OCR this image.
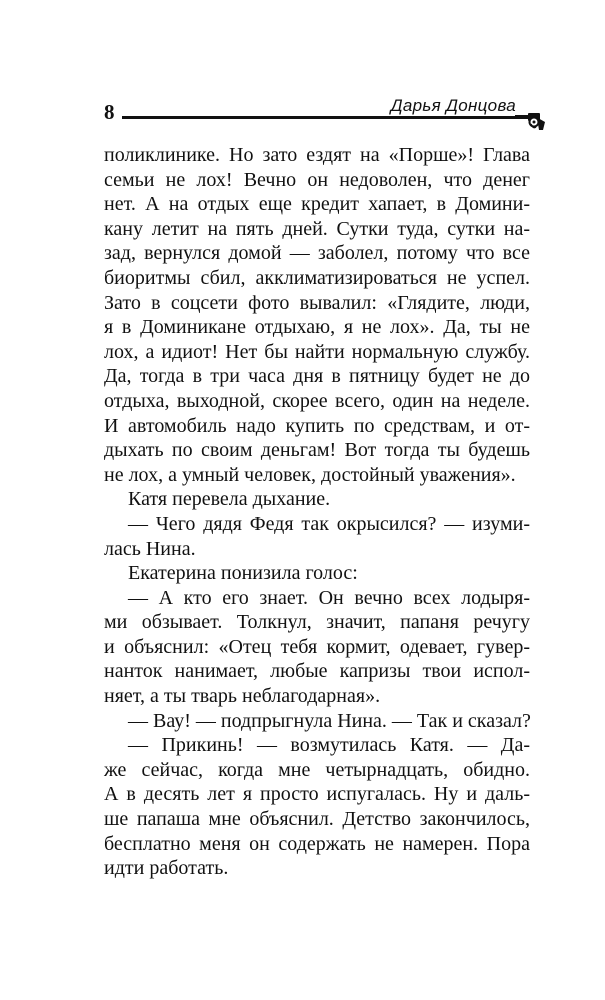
8	Дарья Донцова
поликлинике. Но зато ездят на «Порше»! Глава
семьи не лох! Вечно он недоволен, что денег
нет. А на отдых еще кредит хапает, в Домини-
кану летит на пять дней. Сутки туда, сутки на-
зад, вернулся домой — заболел, потому что все
биоритмы сбил, акклиматизироваться не успел.
Зато в соцсети фото вывалил: «Глядите, люди,
я в Доминикане отдыхаю, я не лох». Да, ты не
лох, а идиот! Нет бы найти нормальную службу.
Да, тогда в три часа дня в пятницу будет не до
отдыха, выходной, скорее всего, один на неделе.
И автомобиль надо купить по средствам, и от-
дыхать по своим деньгам! Вот тогда ты будешь
не лох, а умный человек, достойный уважения».
Катя перевела дыхание.
— Чего дядя Федя так окрысился? — изуми-
лась Нина.
Екатерина понизила голос:
— А кто его знает. Он вечно всех лодыря-
ми обзывает. Толкнул, значит, папаня речугу
и объяснил: «Отец тебя кормит, одевает, гувер-
нанток нанимает, любые капризы твои испол-
няет, а ты тварь неблагодарная».
— Вау! — подпрыгнула Нина. — Так и сказал?
— Прикинь! — возмутилась Катя. — Да-
же сейчас, когда мне четырнадцать, обидно.
А в десять лет я просто испугалась. Ну и даль-
ше папаша мне объяснил. Детство закончилось,
бесплатно меня он содержать не намерен. Пора
идти работать.
